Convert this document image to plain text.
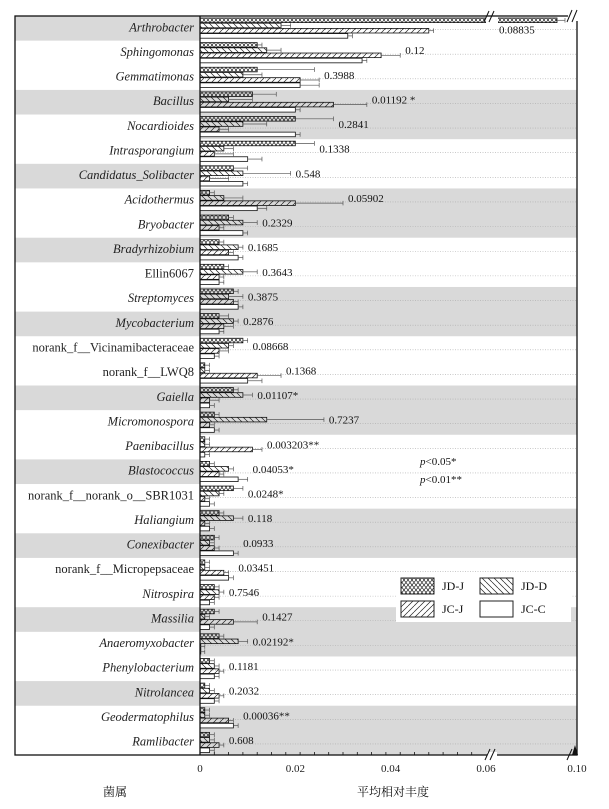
Arthrobacter
Sphingomonas
Gemmatimonas
Bacillus
Nocardioides
Intrasporangium
Candidatus_Solibacter
Acidothermus
Bryobacter
Bradyrhizobium
Ellin6067
Streptomyces
Mycobacterium
norank_f__Vicinamibacteraceae
norank_f__LWQ8
Gaiella
Micromonospora
Paenibacillus
Blastococcus
norank_f__norank_o__SBR1031
Haliangium
Conexibacter
norank_f__Micropepsaceae
Nitrospira
Massilia
Anaeromyxobacter
Phenylobacterium
Nitrolancea
Geodermatophilus
Ramlibacter
0.08835
0.12
0.3988
0.01192 *
0.2841
0.1338
0.548
0.05902
0.2329
0.1685
0.3643
0.3875
0.2876
0.08668
0.1368
0.01107*
0.7237
0.003203**
0.04053*
0.0248*
0.118
0.0933
0.03451
0.7546
0.1427
0.02192*
0.1181
0.2032
0.00036**
0.608
0	0.02	0.04	0.06	0.10
p<0.05*
p<0.01**
JD-J	JD-D
JC-J	JC-C
平均相对丰度
菌属
